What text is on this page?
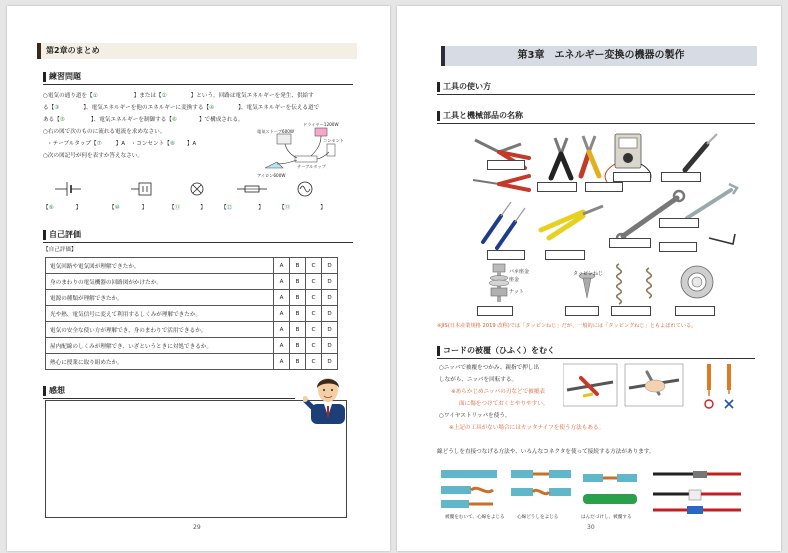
第2章のまとめ
練習問題
○電気の通り道を【①	】または【②	】という。回路は電気エネルギーを発生、供給す
る【③	】、電気エネルギーを他のエネルギーに変換する【④	】、電気エネルギーを伝える道で
ある【⑤	】、電気エネルギーを制御する【⑥	】で構成される。
○右の図で次のものに流れる電流を求めなさい。
・テーブルタップ【⑦	】A　・コンセント【⑧ 】A
○次の図記号が何を表すか答えなさい。
電気ストーブ600W
ドライヤー1200W
コンセント
テーブルタップ
アイロン600W
【⑨	】	【⑩	】	【⑪	】	【⑫	】	【⑬	】
自己評価
【自己評価】
電気回路や電気図が理解できたか。	A	B	C	D
身のまわりの電気機器の回路図がかけたか。	A	B	C	D
電源の種類が理解できたか。	A	B	C	D
光や熱、電気信号に変えて利用するしくみが理解できたか。	A	B	C	D
電気の安全な使い方が理解でき、身のまわりで活用できるか。	A	B	C	D
屋内配線のしくみが理解でき、いざというときに対処できるか。	A	B	C	D
熱心に授業に取り組めたか。	A	B	C	D
感想
29
第3章　エネルギー変換の機器の製作
工具の使い方
工具と機械部品の名称
バネ座金
座金
ナット
タッピンねじ
※JIS(日本産業規格 2019 改称)では「タッピンねじ」だが、一般的には「タッピングねじ」ともよばれている。
コードの被覆（ひふく）をむく
○ニッパで被覆をつかみ、親指で押し出
しながら、ニッパを回転する。
※あらかじめニッパの刃などで被覆表
面に傷をつけておくとやりやすい。
○ワイヤストリッパを使う。
※上記の工具がない場合にはカッタナイフを使う方法もある。
線どうしを直接つなげる方法や、いろんなコネクタを使って接続する方法があります。
被覆をむいて、心線をよじる	心線どうしをよじる	はんだづけし、被覆する
30
